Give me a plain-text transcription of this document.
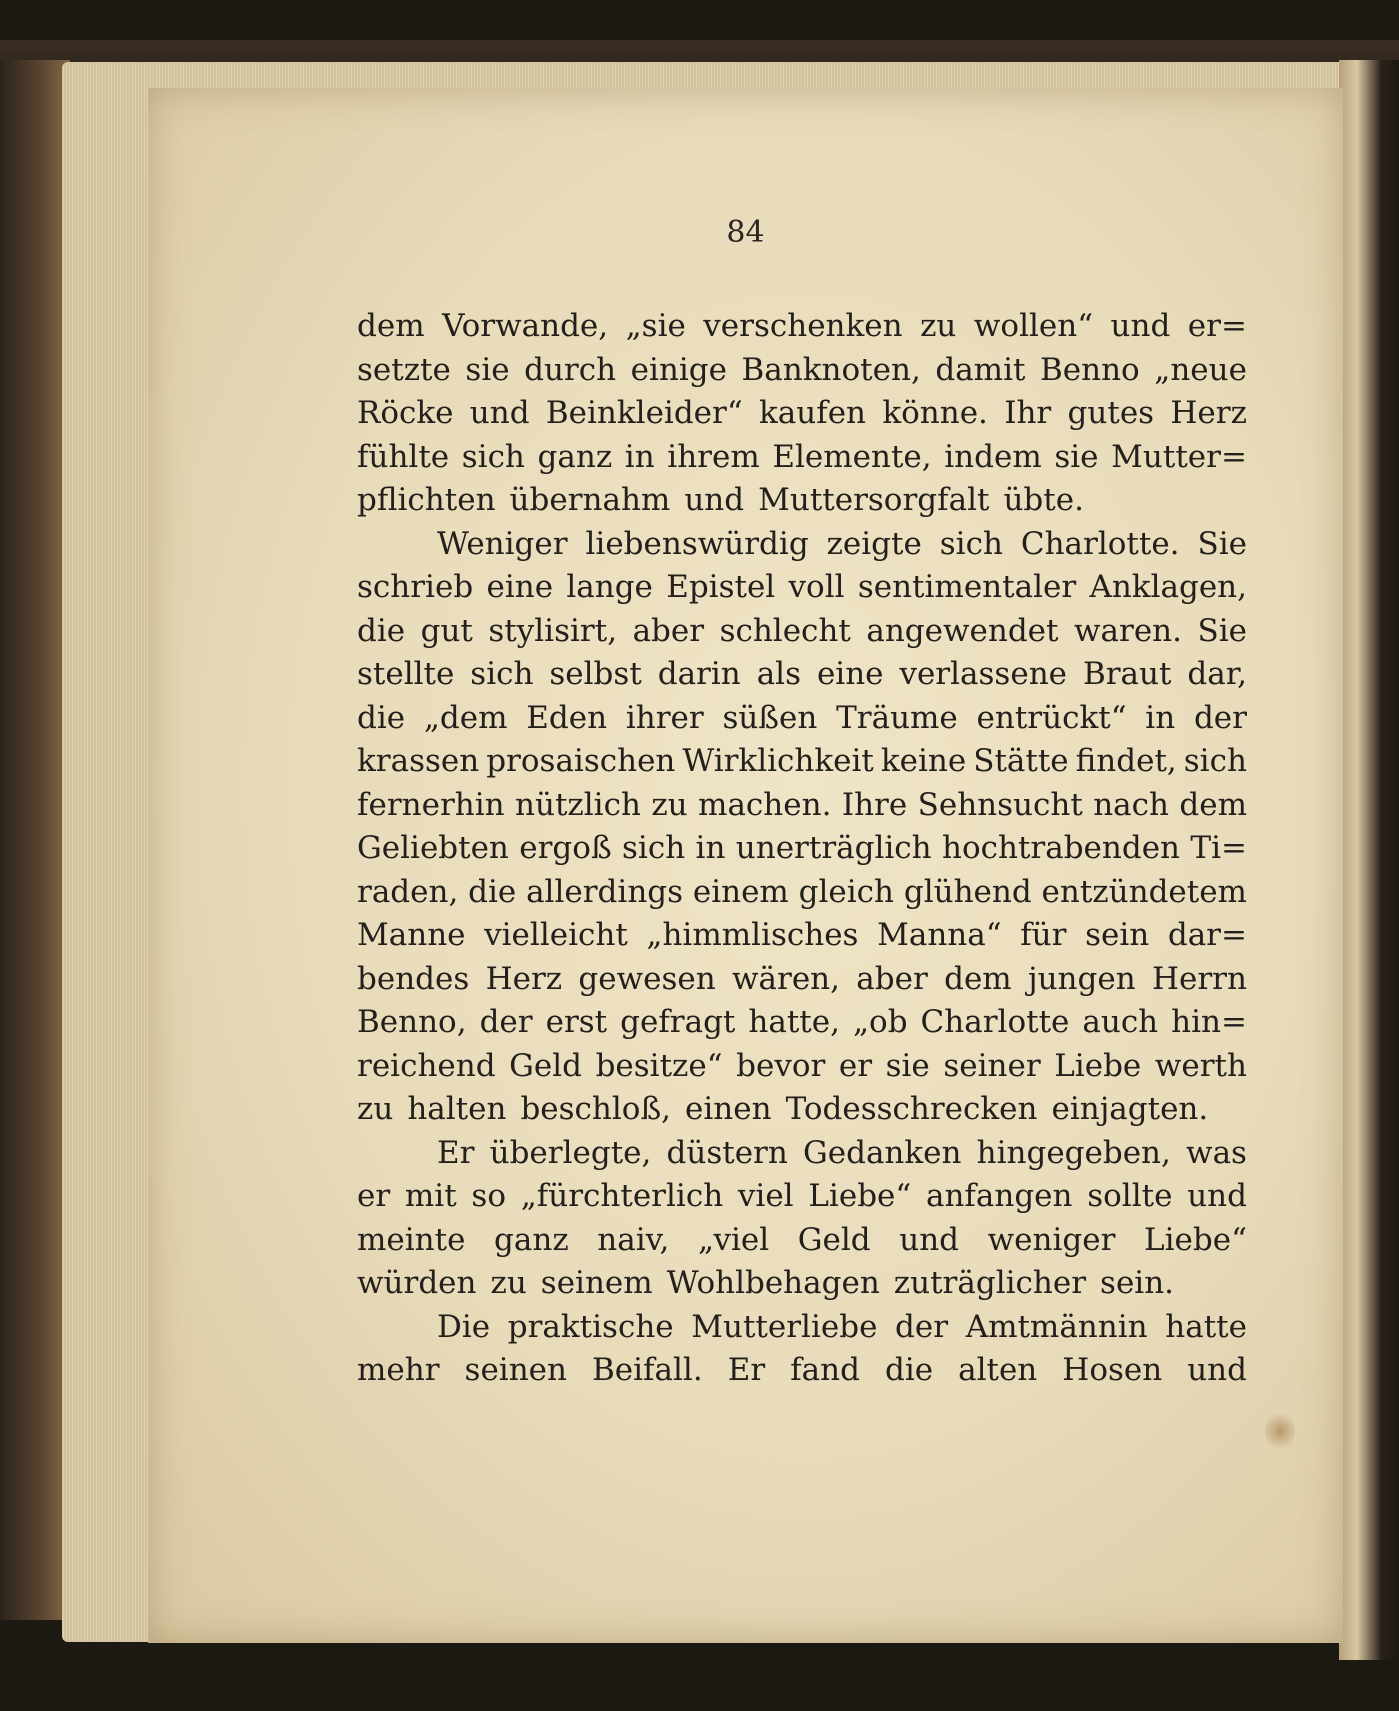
84
dem Vorwande, „sie verschenken zu wollen“ und er=
setzte sie durch einige Banknoten, damit Benno „neue
Röcke und Beinkleider“ kaufen könne. Ihr gutes Herz
fühlte sich ganz in ihrem Elemente, indem sie Mutter=
pflichten übernahm und Muttersorgfalt übte.
Weniger liebenswürdig zeigte sich Charlotte. Sie
schrieb eine lange Epistel voll sentimentaler Anklagen,
die gut stylisirt, aber schlecht angewendet waren. Sie
stellte sich selbst darin als eine verlassene Braut dar,
die „dem Eden ihrer süßen Träume entrückt“ in der
krassen prosaischen Wirklichkeit keine Stätte findet, sich
fernerhin nützlich zu machen. Ihre Sehnsucht nach dem
Geliebten ergoß sich in unerträglich hochtrabenden Ti=
raden, die allerdings einem gleich glühend entzündetem
Manne vielleicht „himmlisches Manna“ für sein dar=
bendes Herz gewesen wären, aber dem jungen Herrn
Benno, der erst gefragt hatte, „ob Charlotte auch hin=
reichend Geld besitze“ bevor er sie seiner Liebe werth
zu halten beschloß, einen Todesschrecken einjagten.
Er überlegte, düstern Gedanken hingegeben, was
er mit so „fürchterlich viel Liebe“ anfangen sollte und
meinte ganz naiv, „viel Geld und weniger Liebe“
würden zu seinem Wohlbehagen zuträglicher sein.
Die praktische Mutterliebe der Amtmännin hatte
mehr seinen Beifall. Er fand die alten Hosen und
